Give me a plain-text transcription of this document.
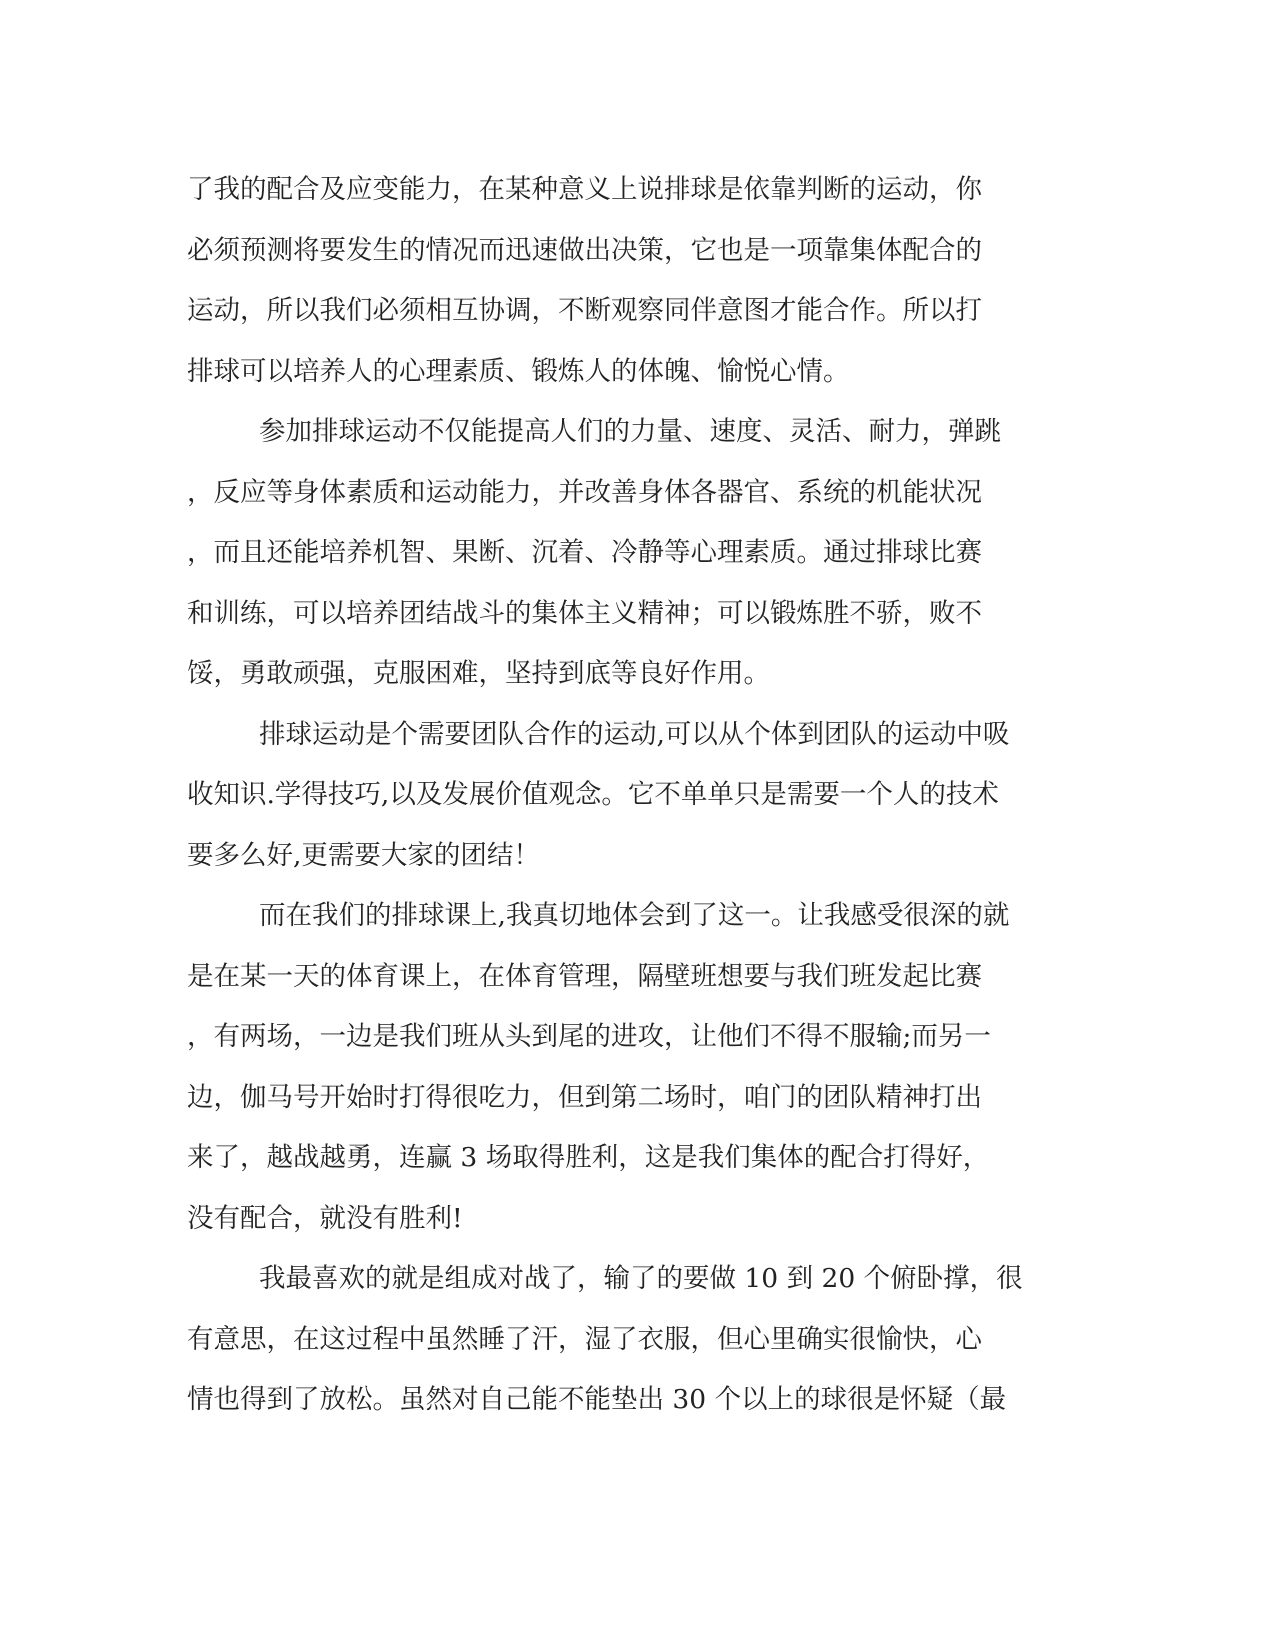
了我的配合及应变能力，在某种意义上说排球是依靠判断的运动，你
必须预测将要发生的情况而迅速做出决策，它也是一项靠集体配合的
运动，所以我们必须相互协调，不断观察同伴意图才能合作。所以打
排球可以培养人的心理素质、锻炼人的体魄、愉悦心情。
参加排球运动不仅能提高人们的力量、速度、灵活、耐力，弹跳
，反应等身体素质和运动能力，并改善身体各器官、系统的机能状况
，而且还能培养机智、果断、沉着、冷静等心理素质。通过排球比赛
和训练，可以培养团结战斗的集体主义精神；可以锻炼胜不骄，败不
馁，勇敢顽强，克服困难，坚持到底等良好作用。
排球运动是个需要团队合作的运动,可以从个体到团队的运动中吸
收知识.学得技巧,以及发展价值观念。它不单单只是需要一个人的技术
要多么好,更需要大家的团结！
而在我们的排球课上,我真切地体会到了这一。让我感受很深的就
是在某一天的体育课上，在体育管理，隔壁班想要与我们班发起比赛
，有两场，一边是我们班从头到尾的进攻，让他们不得不服输;而另一
边，伽马号开始时打得很吃力，但到第二场时，咱门的团队精神打出
来了，越战越勇，连赢 3 场取得胜利，这是我们集体的配合打得好，
没有配合，就没有胜利!
我最喜欢的就是组成对战了，输了的要做 10 到 20 个俯卧撑，很
有意思，在这过程中虽然睡了汗，湿了衣服，但心里确实很愉快，心
情也得到了放松。虽然对自己能不能垫出 30 个以上的球很是怀疑（最
